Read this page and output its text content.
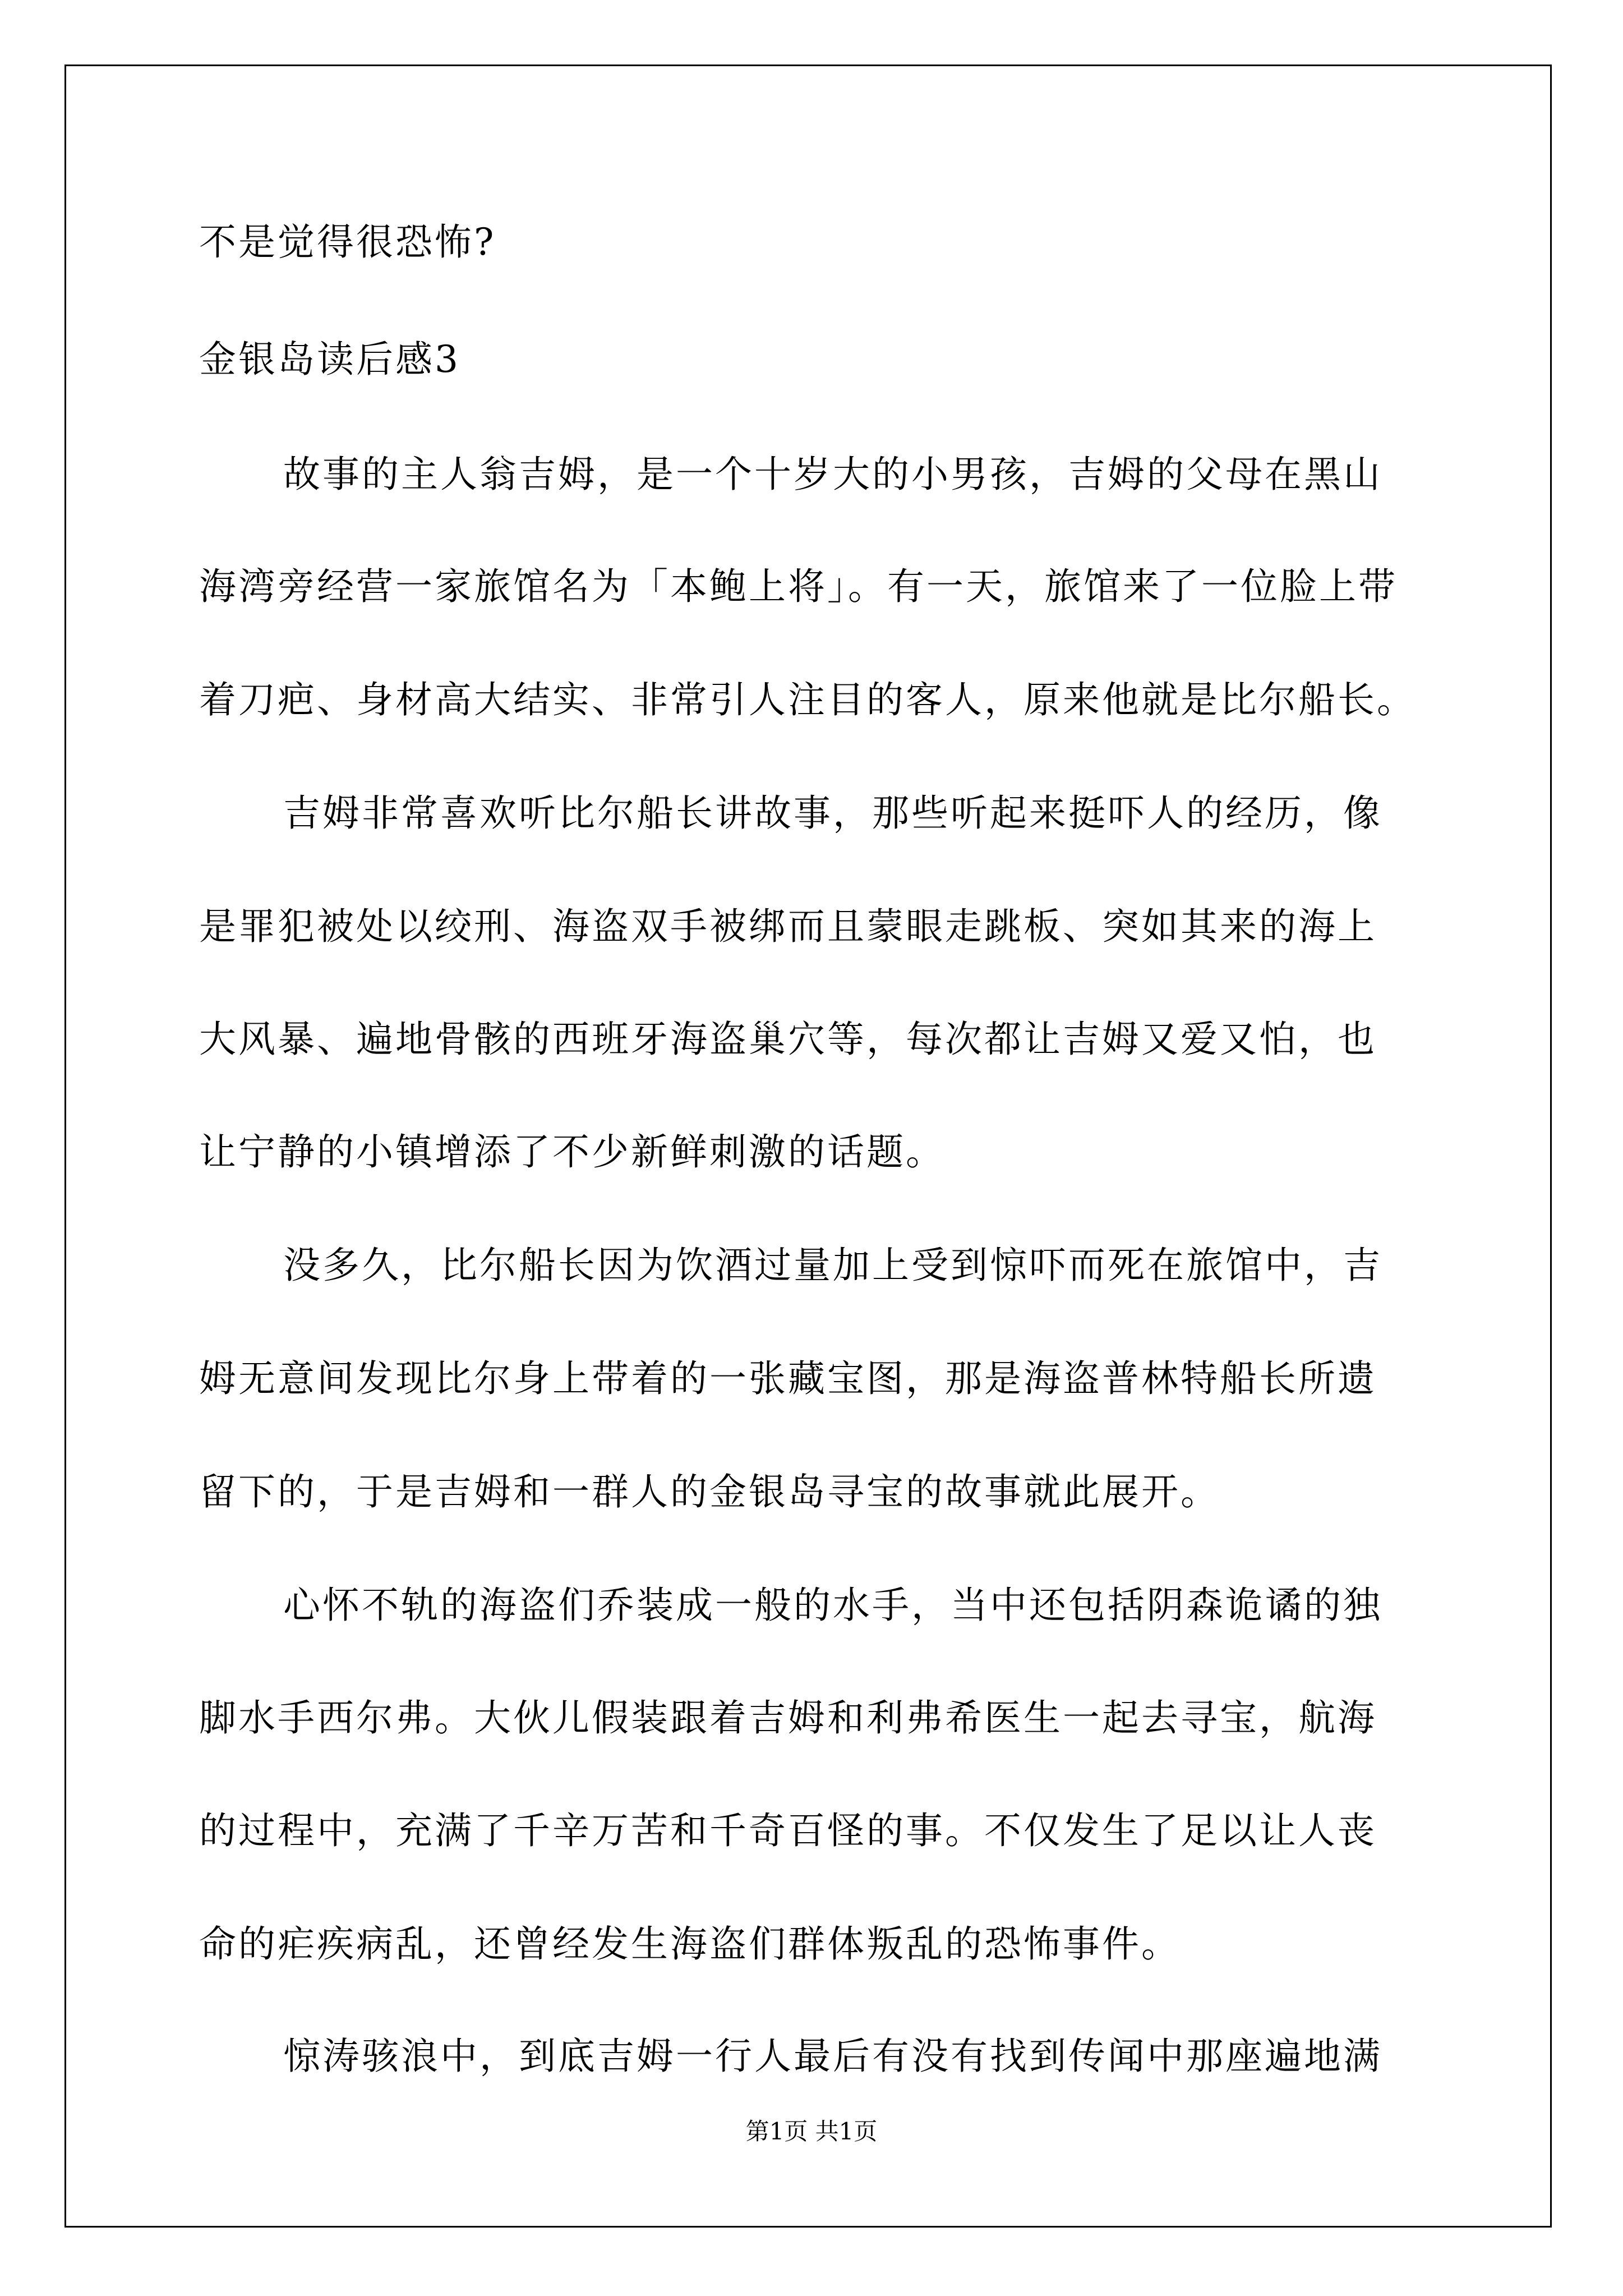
不是觉得很恐怖?
金银岛读后感3
故事的主人翁吉姆，是一个十岁大的小男孩，吉姆的父母在黑山
海湾旁经营一家旅馆名为「本鲍上将」。有一天，旅馆来了一位脸上带
着刀疤、身材高大结实、非常引人注目的客人，原来他就是比尔船长。
吉姆非常喜欢听比尔船长讲故事，那些听起来挺吓人的经历，像
是罪犯被处以绞刑、海盗双手被绑而且蒙眼走跳板、突如其来的海上
大风暴、遍地骨骸的西班牙海盗巢穴等，每次都让吉姆又爱又怕，也
让宁静的小镇增添了不少新鲜刺激的话题。
没多久，比尔船长因为饮酒过量加上受到惊吓而死在旅馆中，吉
姆无意间发现比尔身上带着的一张藏宝图，那是海盗普林特船长所遗
留下的，于是吉姆和一群人的金银岛寻宝的故事就此展开。
心怀不轨的海盗们乔装成一般的水手，当中还包括阴森诡谲的独
脚水手西尔弗。大伙儿假装跟着吉姆和利弗希医生一起去寻宝，航海
的过程中，充满了千辛万苦和千奇百怪的事。不仅发生了足以让人丧
命的疟疾病乱，还曾经发生海盗们群体叛乱的恐怖事件。
惊涛骇浪中，到底吉姆一行人最后有没有找到传闻中那座遍地满
第1页 共1页
